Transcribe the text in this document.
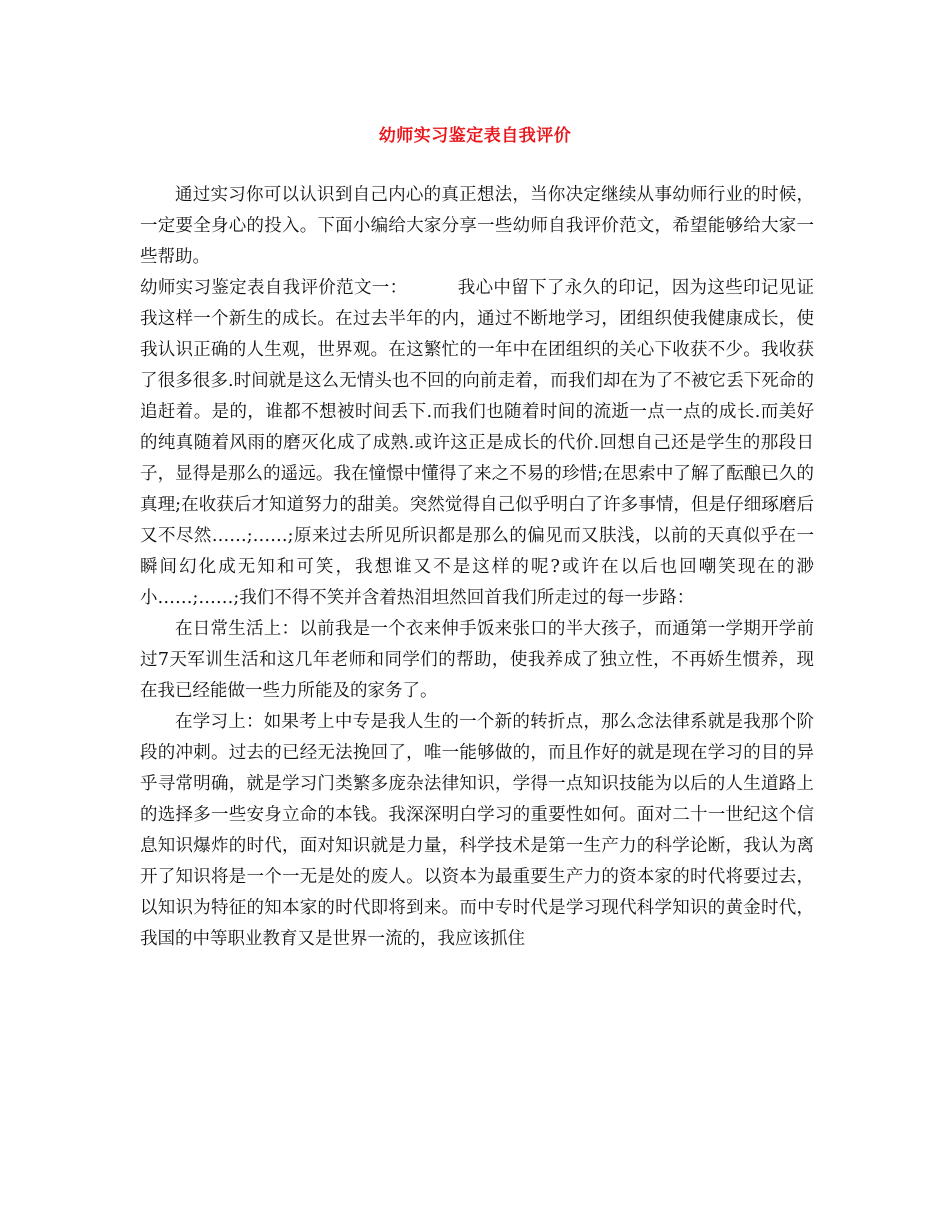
幼师实习鉴定表自我评价

通过实习你可以认识到自己内心的真正想法，当你决定继续从事幼师行业的时候，一定要全身心的投入。下面小编给大家分享一些幼师自我评价范文，希望能够给大家一些帮助。

幼师实习鉴定表自我评价范文一：	我心中留下了永久的印记，因为这些印记见证我这样一个新生的成长。在过去半年的内，通过不断地学习，团组织使我健康成长，使我认识正确的人生观，世界观。在这繁忙的一年中在团组织的关心下收获不少。我收获了很多很多.时间就是这么无情头也不回的向前走着，而我们却在为了不被它丢下死命的追赶着。是的，谁都不想被时间丢下.而我们也随着时间的流逝一点一点的成长.而美好的纯真随着风雨的磨灭化成了成熟.或许这正是成长的代价.回想自己还是学生的那段日子，显得是那么的遥远。我在憧憬中懂得了来之不易的珍惜;在思索中了解了酝酿已久的真理;在收获后才知道努力的甜美。突然觉得自己似乎明白了许多事情，但是仔细琢磨后又不尽然……;……;原来过去所见所识都是那么的偏见而又肤浅，以前的天真似乎在一瞬间幻化成无知和可笑，我想谁又不是这样的呢?或许在以后也回嘲笑现在的渺小……;……;我们不得不笑并含着热泪坦然回首我们所走过的每一步路：

在日常生活上：以前我是一个衣来伸手饭来张口的半大孩子，而通第一学期开学前过7天军训生活和这几年老师和同学们的帮助，使我养成了独立性，不再娇生惯养，现在我已经能做一些力所能及的家务了。

在学习上：如果考上中专是我人生的一个新的转折点，那么念法律系就是我那个阶段的冲刺。过去的已经无法挽回了，唯一能够做的，而且作好的就是现在学习的目的异乎寻常明确，就是学习门类繁多庞杂法律知识，学得一点知识技能为以后的人生道路上的选择多一些安身立命的本钱。我深深明白学习的重要性如何。面对二十一世纪这个信息知识爆炸的时代，面对知识就是力量，科学技术是第一生产力的科学论断，我认为离开了知识将是一个一无是处的废人。以资本为最重要生产力的资本家的时代将要过去，以知识为特征的知本家的时代即将到来。而中专时代是学习现代科学知识的黄金时代，我国的中等职业教育又是世界一流的，我应该抓住
